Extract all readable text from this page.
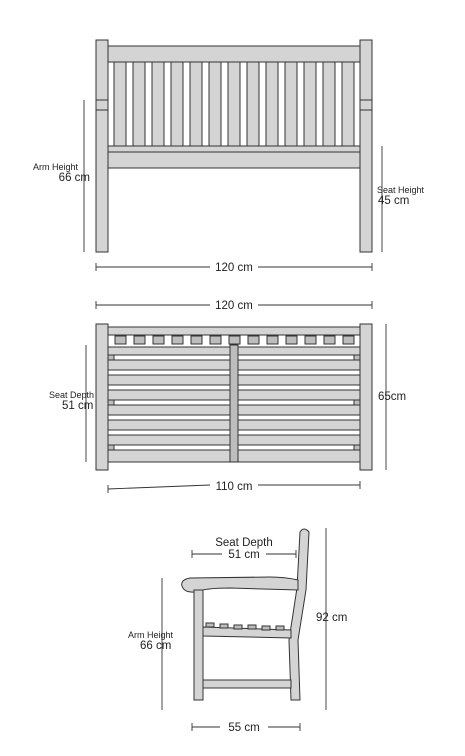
Arm Height
66 cm
Seat Height
45 cm
120 cm
120 cm
Seat Depth
51 cm
65cm
110 cm
Seat Depth
51 cm
Arm Height
66 cm
92 cm
55 cm
